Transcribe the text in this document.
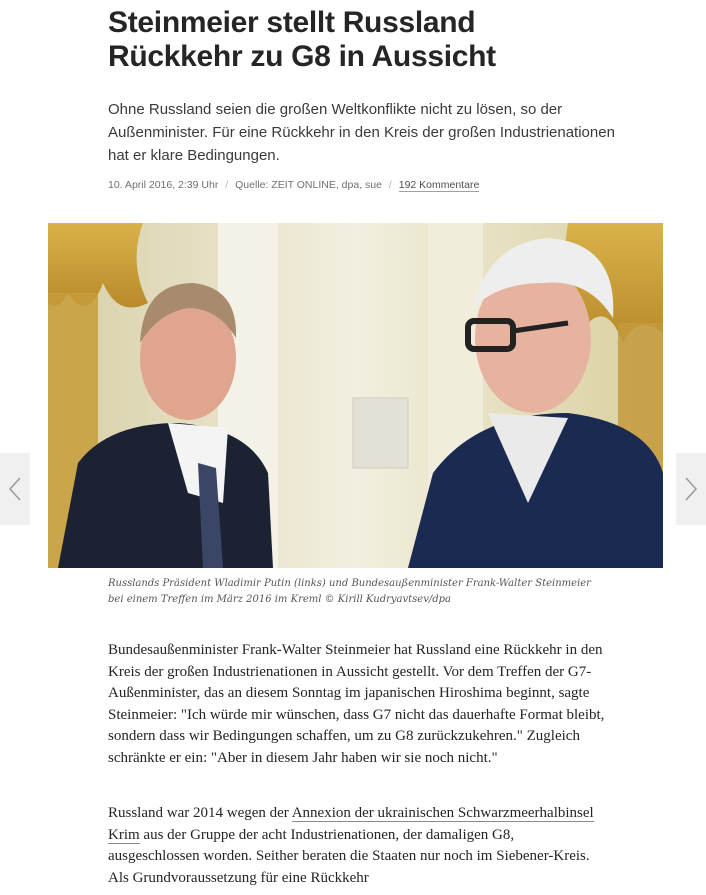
Steinmeier stellt Russland
Rückkehr zu G8 in Aussicht

Ohne Russland seien die großen Weltkonflikte nicht zu lösen, so der Außenminister. Für eine Rückkehr in den Kreis der großen Industrienationen hat er klare Bedingungen.

10. April 2016, 2:39 Uhr / Quelle: ZEIT ONLINE, dpa, sue / 192 Kommentare
Russlands Präsident Wladimir Putin (links) und Bundesaußenminister Frank-Walter Steinmeier
bei einem Treffen im März 2016 im Kreml © Kirill Kudryavtsev/dpa

Bundesaußenminister Frank-Walter Steinmeier hat Russland eine Rückkehr in den Kreis der großen Industrienationen in Aussicht gestellt. Vor dem Treffen der G7-Außenminister, das an diesem Sonntag im japanischen Hiroshima beginnt, sagte Steinmeier: "Ich würde mir wünschen, dass G7 nicht das dauerhafte Format bleibt, sondern dass wir Bedingungen schaffen, um zu G8 zurückzukehren." Zugleich schränkte er ein: "Aber in diesem Jahr haben wir sie noch nicht."

Russland war 2014 wegen der Annexion der ukrainischen Schwarzmeerhalbinsel Krim aus der Gruppe der acht Industrienationen, der damaligen G8, ausgeschlossen worden. Seither beraten die Staaten nur noch im Siebener-Kreis. Als Grundvoraussetzung für eine Rückkehr
